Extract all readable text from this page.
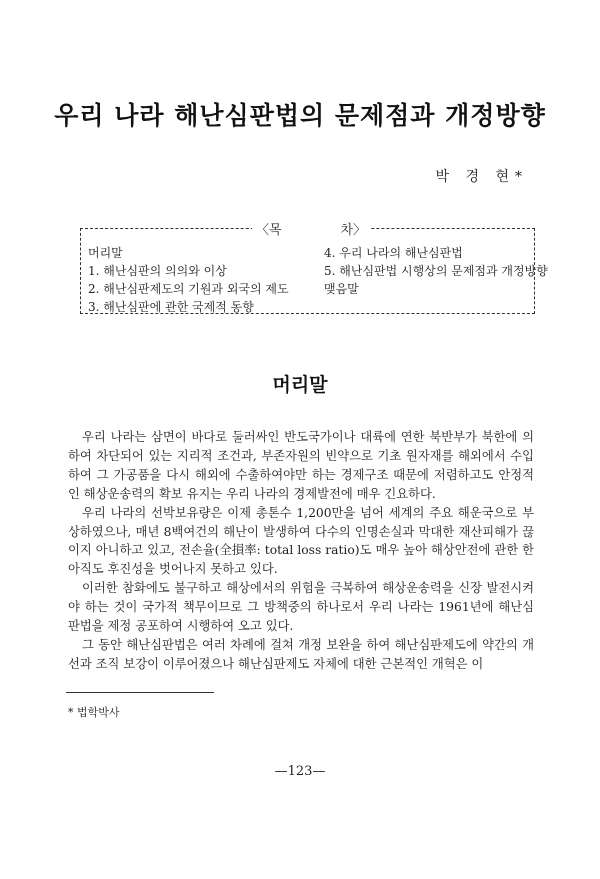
우리 나라 해난심판법의 문제점과 개정방향
박 경 현*
〈목	차〉
머리말
1. 해난심판의 의의와 이상
2. 해난심판제도의 기원과 외국의 제도
3. 해난심판에 관한 국제적 동향
4. 우리 나라의 해난심판법
5. 해난심판법 시행상의 문제점과 개정방향
맺음말
머리말

우리 나라는 삼면이 바다로 둘러싸인 반도국가이나 대륙에 연한 북반부가 북한에 의하여 차단되어 있는 지리적 조건과, 부존자원의 빈약으로 기초 원자재를 해외에서 수입하여 그 가공품을 다시 해외에 수출하여야만 하는 경제구조 때문에 저렴하고도 안정적인 해상운송력의 확보 유지는 우리 나라의 경제발전에 매우 긴요하다.

우리 나라의 선박보유량은 이제 총톤수 1,200만을 넘어 세계의 주요 해운국으로 부상하였으나, 매년 8백여건의 해난이 발생하여 다수의 인명손실과 막대한 재산피해가 끊이지 아니하고 있고, 전손율(全損率: total loss ratio)도 매우 높아 해상안전에 관한 한 아직도 후진성을 벗어나지 못하고 있다.

이러한 참화에도 불구하고 해상에서의 위험을 극복하여 해상운송력을 신장 발전시켜야 하는 것이 국가적 책무이므로 그 방책중의 하나로서 우리 나라는 1961년에 해난심판법을 제정 공포하여 시행하여 오고 있다.

그 동안 해난심판법은 여러 차례에 걸쳐 개정 보완을 하여 해난심판제도에 약간의 개선과 조직 보강이 이루어졌으나 해난심판제도 자체에 대한 근본적인 개혁은 이

* 법학박사
—123—
